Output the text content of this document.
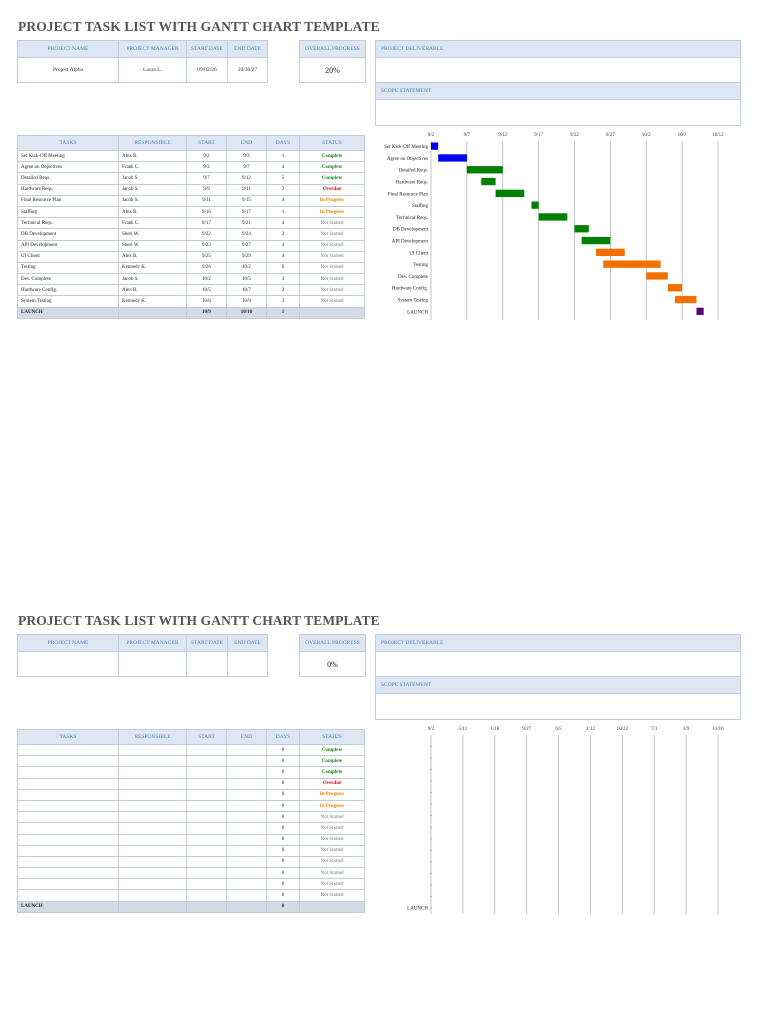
PROJECT TASK LIST WITH GANTT CHART TEMPLATE
PROJECT NAME	PROJECT MANAGER	START DATE	END DATE
Project Alpha	Laura L.	09/02/26	10/30/27
OVERALL PROGRESS
20%
PROJECT DELIVERABLE
SCOPE STATEMENT
TASKS	RESPONSIBLE	START	END	DAYS	STATUS
Set Kick-Off Meeting	Alex B.	9/2	9/3	1	Complete
Agree on Objectives	Frank C.	9/3	9/7	4	Complete
Detailed Reqs.	Jacob S.	9/7	9/12	5	Complete
Hardware Reqs.	Jacob S.	9/9	9/11	2	Overdue
Final Resource Plan	Jacob S.	9/11	9/15	4	In Progress
Staffing	Alex B.	9/16	9/17	1	In Progress
Technical Reqs.	Frank C.	9/17	9/21	4	Not Started
DB Development	Sheri W.	9/22	9/24	2	Not Started
API Development	Sheri W.	9/23	9/27	4	Not Started
UI Client	Alex B.	9/25	9/29	4	Not Started
Testing	Kennedy K.	9/26	10/2	6	Not Started
Dev. Complete	Jacob S.	10/2	10/5	3	Not Started
Hardware Config.	Alex B.	10/5	10/7	2	Not Started
System Testing	Kennedy K.	10/6	10/9	3	Not Started
LAUNCH		10/9	10/10	1	
9/2	9/7	9/12	9/17	9/22	9/27	10/2	10/7	10/12
Set Kick-Off Meeting
Agree on Objectives
Detailed Reqs.
Hardware Reqs.
Final Resource Plan
Staffing
Technical Reqs.
DB Development
API Development
UI Client
Testing
Dev. Complete
Hardware Config.
System Testing
LAUNCH
PROJECT TASK LIST WITH GANTT CHART TEMPLATE
PROJECT NAME	PROJECT MANAGER	START DATE	END DATE
				OVERALL PROGRESS
0%
PROJECT DELIVERABLE
SCOPE STATEMENT
TASKS	RESPONSIBLE	START	END	DAYS	STATUS
				0	Complete
				0	Complete
				0	Complete
				0	Overdue
				0	In Progress
				0	In Progress
				0	Not Started
				0	Not Started
				0	Not Started
				0	Not Started
				0	Not Started
				0	Not Started
				0	Not Started
				0	Not Started
LAUNCH				0	
9/2	5/11	1/18	9/27	6/5	2/12	10/22	7/1	3/9	11/16
LAUNCH
